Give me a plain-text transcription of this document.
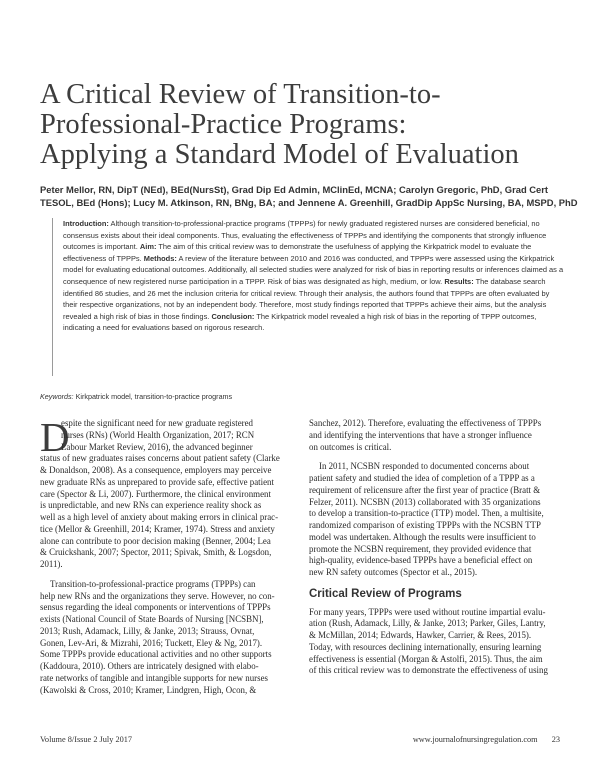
A Critical Review of Transition-to-
Professional-Practice Programs:
Applying a Standard Model of Evaluation
Peter Mellor, RN, DipT (NEd), BEd(NursSt), Grad Dip Ed Admin, MClinEd, MCNA; Carolyn Gregoric, PhD, Grad Cert
TESOL, BEd (Hons); Lucy M. Atkinson, RN, BNg, BA; and Jennene A. Greenhill, GradDip AppSc Nursing, BA, MSPD, PhD
Introduction: Although transition-to-professional-practice programs (TPPPs) for newly graduated registered nurses are considered beneficial, no consensus exists about their ideal components. Thus, evaluating the effectiveness of TPPPs and identifying the components that strongly influence outcomes is important. Aim: The aim of this critical review was to demonstrate the usefulness of applying the Kirkpatrick model to evaluate the effectiveness of TPPPs. Methods: A review of the literature between 2010 and 2016 was conducted, and TPPPs were assessed using the Kirkpatrick model for evaluating educational outcomes. Additionally, all selected studies were analyzed for risk of bias in reporting results or inferences claimed as a consequence of new registered nurse participation in a TPPP. Risk of bias was designated as high, medium, or low. Results: The database search identified 86 studies, and 26 met the inclusion criteria for critical review. Through their analysis, the authors found that TPPPs are often evaluated by their respective organizations, not by an independent body. Therefore, most study findings reported that TPPPs achieve their aims, but the analysis revealed a high risk of bias in those findings. Conclusion: The Kirkpatrick model revealed a high risk of bias in the reporting of TPPP outcomes, indicating a need for evaluations based on rigorous research.
Keywords: Kirkpatrick model, transition-to-practice programs
D
espite the significant need for new graduate registered
nurses (RNs) (World Health Organization, 2017; RCN
Labour Market Review, 2016), the advanced beginner
status of new graduates raises concerns about patient safety (Clarke
& Donaldson, 2008). As a consequence, employers may perceive
new graduate RNs as unprepared to provide safe, effective patient
care (Spector & Li, 2007). Furthermore, the clinical environment
is unpredictable, and new RNs can experience reality shock as
well as a high level of anxiety about making errors in clinical prac-
tice (Mellor & Greenhill, 2014; Kramer, 1974). Stress and anxiety
alone can contribute to poor decision making (Benner, 2004; Lea
& Cruickshank, 2007; Spector, 2011; Spivak, Smith, & Logsdon,
2011).
Transition-to-professional-practice programs (TPPPs) can
help new RNs and the organizations they serve. However, no con-
sensus regarding the ideal components or interventions of TPPPs
exists (National Council of State Boards of Nursing [NCSBN],
2013; Rush, Adamack, Lilly, & Janke, 2013; Strauss, Ovnat,
Gonen, Lev-Ari, & Mizrahi, 2016; Tuckett, Eley & Ng, 2017).
Some TPPPs provide educational activities and no other supports
(Kaddoura, 2010). Others are intricately designed with elabo-
rate networks of tangible and intangible supports for new nurses
(Kawolski & Cross, 2010; Kramer, Lindgren, High, Ocon, &
Sanchez, 2012). Therefore, evaluating the effectiveness of TPPPs
and identifying the interventions that have a stronger influence
on outcomes is critical.
In 2011, NCSBN responded to documented concerns about
patient safety and studied the idea of completion of a TPPP as a
requirement of relicensure after the first year of practice (Bratt &
Felzer, 2011). NCSBN (2013) collaborated with 35 organizations
to develop a transition-to-practice (TTP) model. Then, a multisite,
randomized comparison of existing TPPPs with the NCSBN TTP
model was undertaken. Although the results were insufficient to
promote the NCSBN requirement, they provided evidence that
high-quality, evidence-based TPPPs have a beneficial effect on
new RN safety outcomes (Spector et al., 2015).
Critical Review of Programs
For many years, TPPPs were used without routine impartial evalu-
ation (Rush, Adamack, Lilly, & Janke, 2013; Parker, Giles, Lantry,
& McMillan, 2014; Edwards, Hawker, Carrier, & Rees, 2015).
Today, with resources declining internationally, ensuring learning
effectiveness is essential (Morgan & Astolfi, 2015). Thus, the aim
of this critical review was to demonstrate the effectiveness of using
Volume 8/Issue 2 July 2017	www.journalofnursingregulation.com 23
